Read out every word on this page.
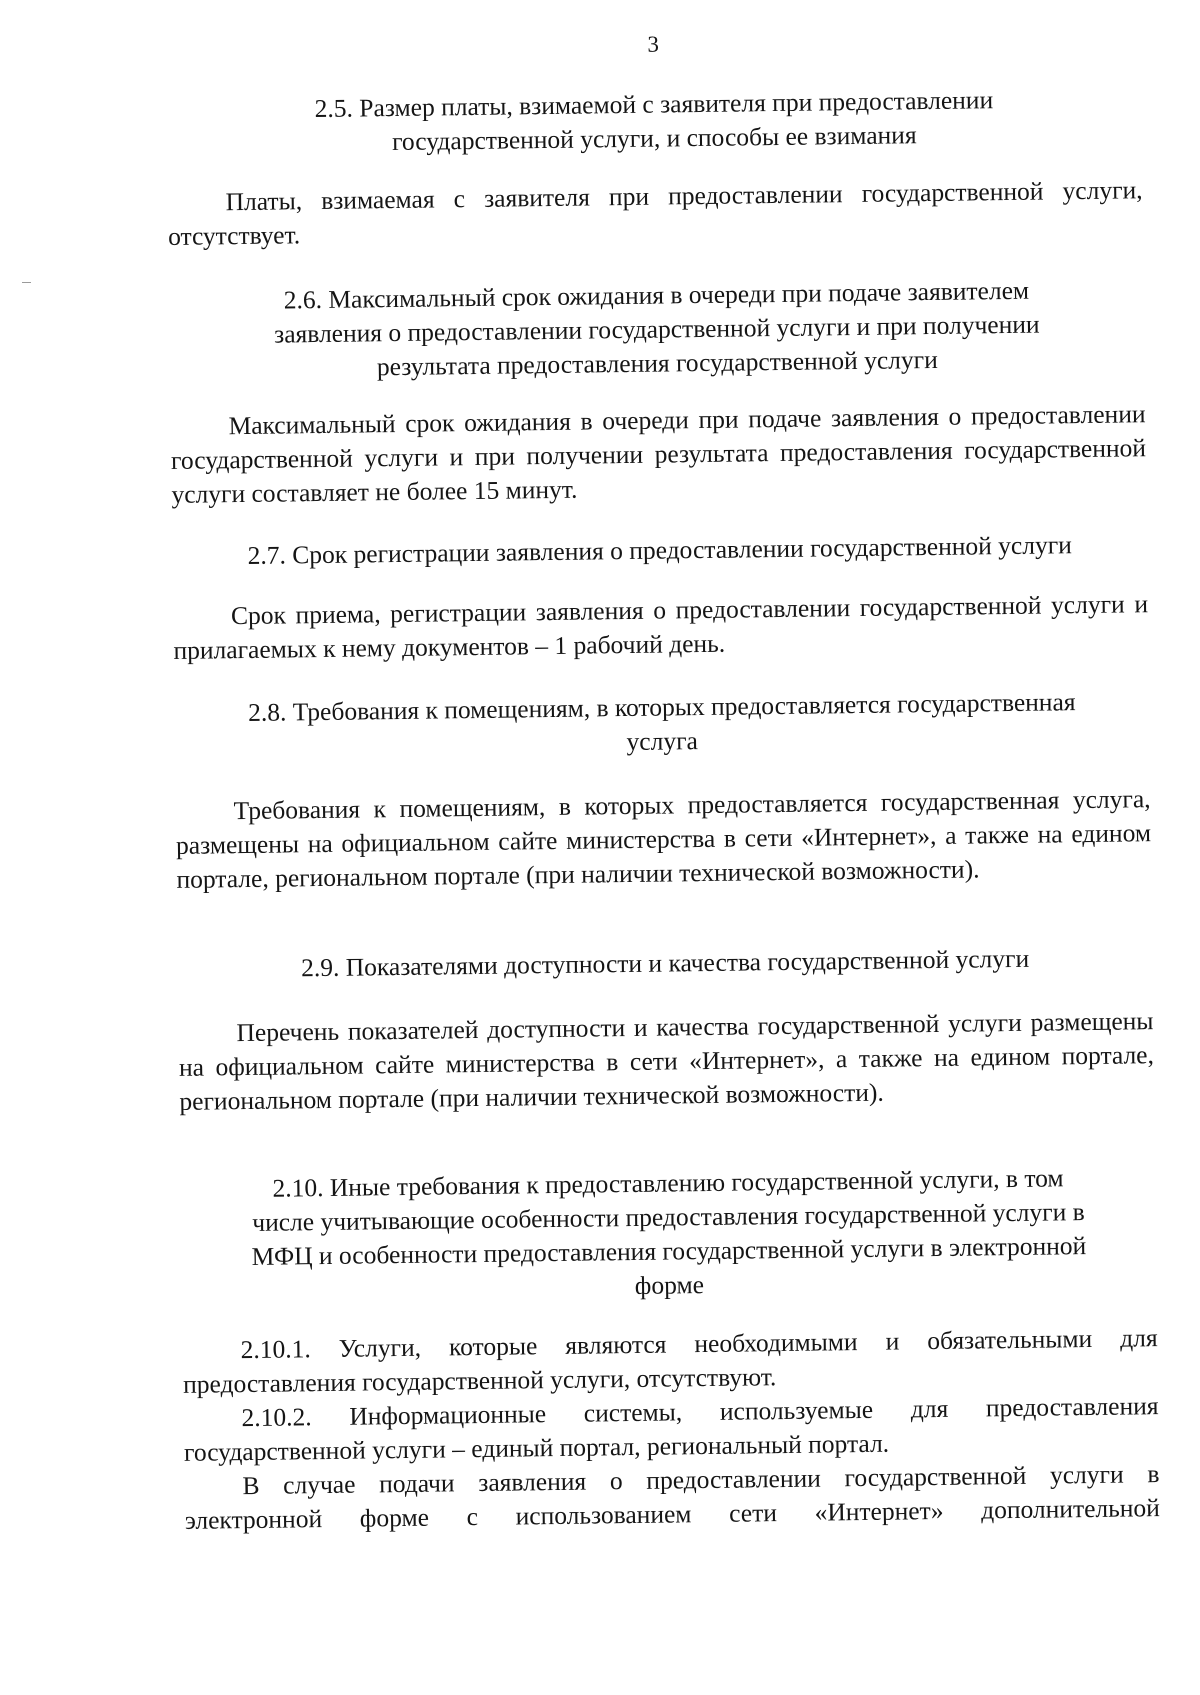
3
2.5. Размер платы, взимаемой с заявителя при предоставлении
государственной услуги, и способы ее взимания

Платы, взимаемая с заявителя при предоставлении государственной услуги, отсутствует.

2.6. Максимальный срок ожидания в очереди при подаче заявителем
заявления о предоставлении государственной услуги и при получении
результата предоставления государственной услуги

Максимальный срок ожидания в очереди при подаче заявления о предоставлении государственной услуги и при получении результата предоставления государственной услуги составляет не более 15 минут.

2.7. Срок регистрации заявления о предоставлении государственной услуги

Срок приема, регистрации заявления о предоставлении государственной услуги и прилагаемых к нему документов – 1 рабочий день.

2.8. Требования к помещениям, в которых предоставляется государственная
услуга

Требования к помещениям, в которых предоставляется государственная услуга, размещены на официальном сайте министерства в сети «Интернет», а также на едином портале, региональном портале (при наличии технической возможности).

2.9. Показателями доступности и качества государственной услуги

Перечень показателей доступности и качества государственной услуги размещены на официальном сайте министерства в сети «Интернет», а также на едином портале, региональном портале (при наличии технической возможности).

2.10. Иные требования к предоставлению государственной услуги, в том
числе учитывающие особенности предоставления государственной услуги в
МФЦ и особенности предоставления государственной услуги в электронной
форме

2.10.1. Услуги, которые являются необходимыми и обязательными для предоставления государственной услуги, отсутствуют.

2.10.2. Информационные системы, используемые для предоставления государственной услуги – единый портал, региональный портал.

В случае подачи заявления о предоставлении государственной услуги в электронной форме с использованием сети «Интернет» дополнительной
